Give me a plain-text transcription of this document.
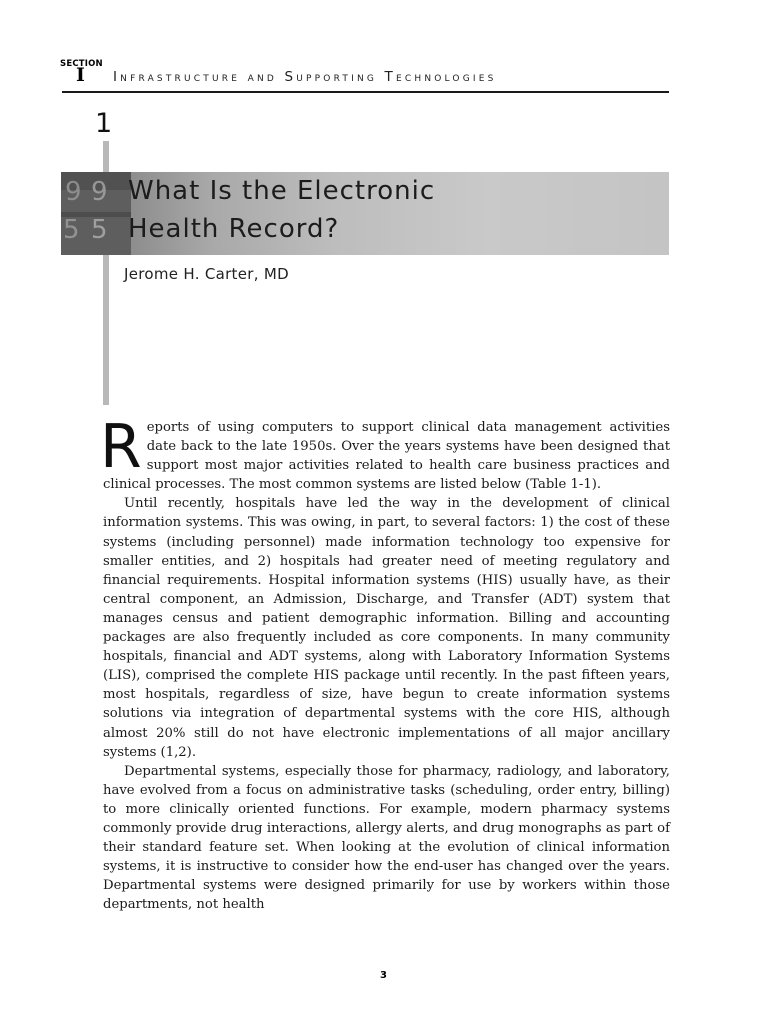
SECTION
I Infrastructure and Supporting Technologies
1
9 9
5 5
What Is the Electronic
Health Record?
Jerome H. Carter, MD

Reports of using computers to support clinical data management activities date back to the late 1950s. Over the years systems have been designed that support most major activities related to health care business practices and clinical processes. The most common systems are listed below (Table 1-1).

Until recently, hospitals have led the way in the development of clinical information systems. This was owing, in part, to several factors: 1) the cost of these systems (including personnel) made information technology too expensive for smaller entities, and 2) hospitals had greater need of meeting regulatory and financial requirements. Hospital information systems (HIS) usually have, as their central component, an Admission, Discharge, and Transfer (ADT) system that manages census and patient demographic information. Billing and accounting packages are also frequently included as core components. In many community hospitals, financial and ADT systems, along with Laboratory Information Systems (LIS), comprised the complete HIS package until recently. In the past fifteen years, most hospitals, regardless of size, have begun to create information systems solutions via integration of departmental systems with the core HIS, although almost 20% still do not have electronic implementations of all major ancillary systems (1,2).

Departmental systems, especially those for pharmacy, radiology, and laboratory, have evolved from a focus on administrative tasks (scheduling, order entry, billing) to more clinically oriented functions. For example, modern pharmacy systems commonly provide drug interactions, allergy alerts, and drug monographs as part of their standard feature set. When looking at the evolution of clinical information systems, it is instructive to consider how the end-user has changed over the years. Departmental systems were designed primarily for use by workers within those departments, not health

3
